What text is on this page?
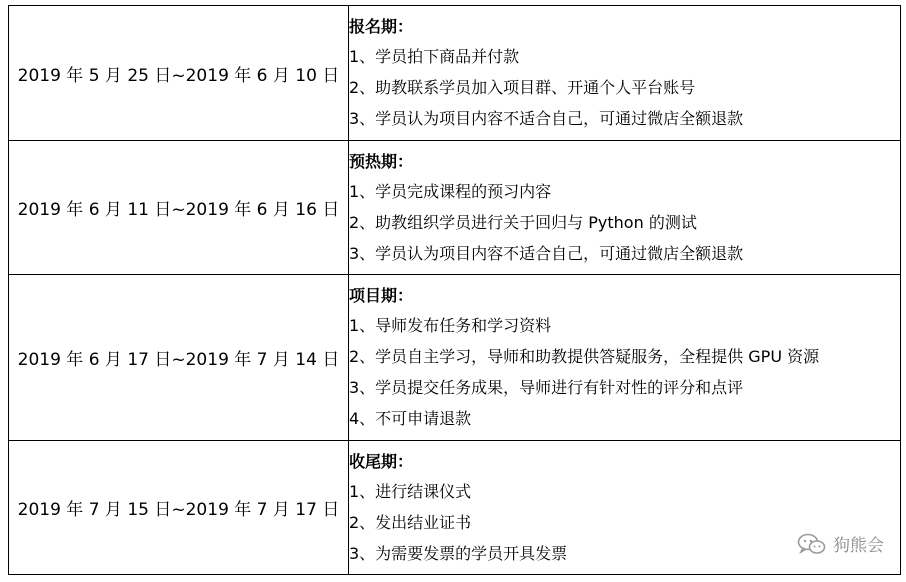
2019 年 5 月 25 日~2019 年 6 月 10 日	报名期：
1、学员拍下商品并付款
2、助教联系学员加入项目群、开通个人平台账号
3、学员认为项目内容不适合自己，可通过微店全额退款

2019 年 6 月 11 日~2019 年 6 月 16 日	预热期：
1、学员完成课程的预习内容
2、助教组织学员进行关于回归与 Python 的测试
3、学员认为项目内容不适合自己，可通过微店全额退款

2019 年 6 月 17 日~2019 年 7 月 14 日	项目期：
1、导师发布任务和学习资料
2、学员自主学习，导师和助教提供答疑服务，全程提供 GPU 资源
3、学员提交任务成果，导师进行有针对性的评分和点评
4、不可申请退款

2019 年 7 月 15 日~2019 年 7 月 17 日	收尾期：
1、进行结课仪式
2、发出结业证书
3、为需要发票的学员开具发票	狗熊会
